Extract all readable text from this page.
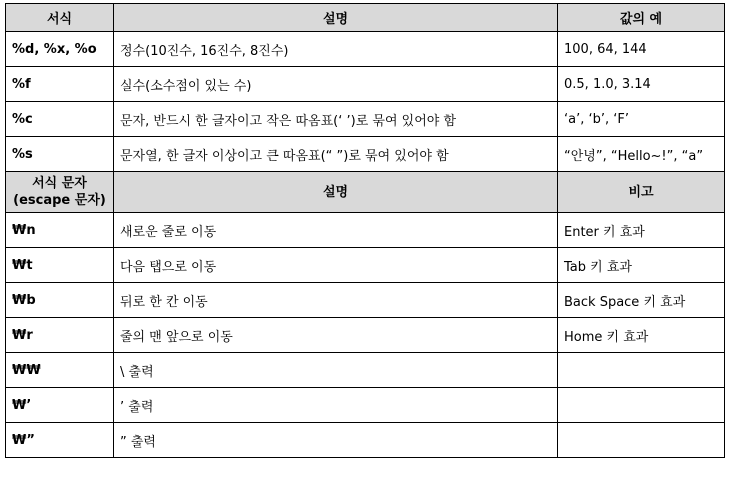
서식	설명	값의 예
%d, %x, %o	정수(10진수, 16진수, 8진수)	100, 64, 144
%f	실수(소수점이 있는 수)	0.5, 1.0, 3.14
%c	문자, 반드시 한 글자이고 작은 따옴표(‘ ’)로 묶여 있어야 함	‘a’, ‘b’, ‘F’
%s	문자열, 한 글자 이상이고 큰 따옴표(“ ”)로 묶여 있어야 함	“안녕”, “Hello~!”, “a”
서식 문자 (escape 문자)	설명	비고
₩n	새로운 줄로 이동	Enter 키 효과
₩t	다음 탭으로 이동	Tab 키 효과
₩b	뒤로 한 칸 이동	Back Space 키 효과
₩r	줄의 맨 앞으로 이동	Home 키 효과
₩₩	\ 출력	
₩’	’ 출력	
₩”	” 출력	
